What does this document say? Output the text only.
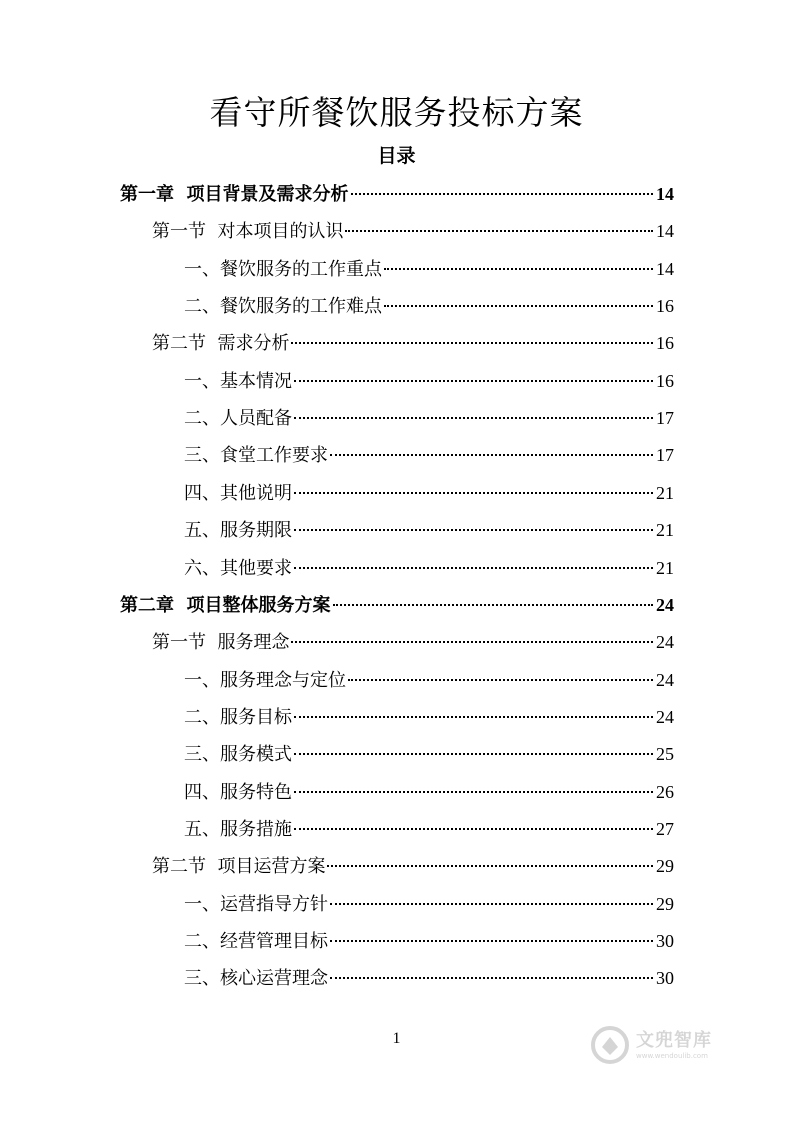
看守所餐饮服务投标方案
目录
第一章  项目背景及需求分析	14
第一节  对本项目的认识	14
一、餐饮服务的工作重点	14
二、餐饮服务的工作难点	16
第二节  需求分析	16
一、基本情况	16
二、人员配备	17
三、食堂工作要求	17
四、其他说明	21
五、服务期限	21
六、其他要求	21
第二章  项目整体服务方案	24
第一节  服务理念	24
一、服务理念与定位	24
二、服务目标	24
三、服务模式	25
四、服务特色	26
五、服务措施	27
第二节  项目运营方案	29
一、运营指导方针	29
二、经营管理目标	30
三、核心运营理念	30
1	文兜智库
www.wendoulib.com
